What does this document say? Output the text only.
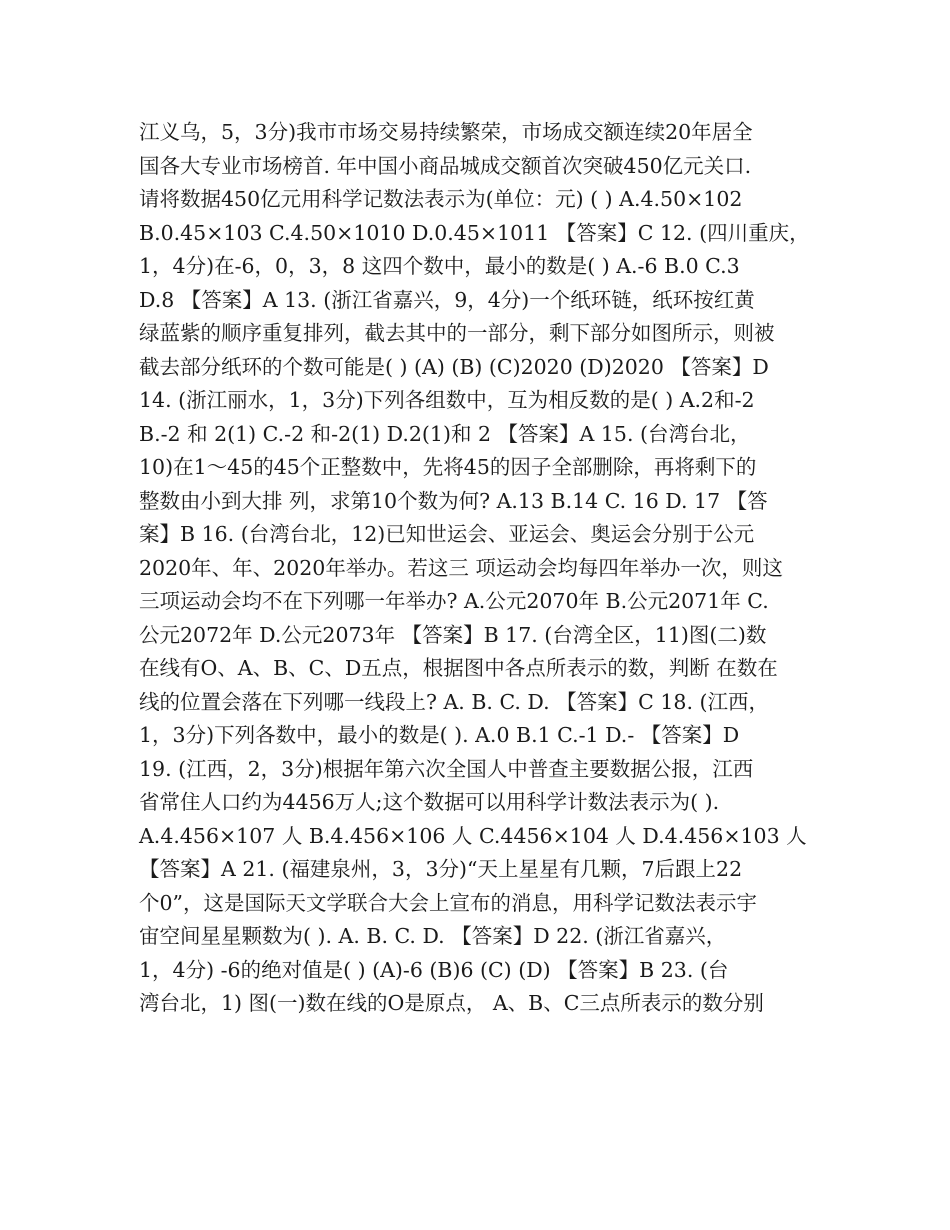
江义乌，5，3分)我市市场交易持续繁荣，市场成交额连续20年居全
国各大专业市场榜首. 年中国小商品城成交额首次突破450亿元关口.
请将数据450亿元用科学记数法表示为(单位：元) ( ) A.4.50×102
B.0.45×103 C.4.50×1010 D.0.45×1011 【答案】C 12. (四川重庆，
1，4分)在-6，0，3，8 这四个数中，最小的数是( ) A.-6 B.0 C.3
D.8 【答案】A 13. (浙江省嘉兴，9，4分)一个纸环链，纸环按红黄
绿蓝紫的顺序重复排列，截去其中的一部分，剩下部分如图所示，则被
截去部分纸环的个数可能是( ) (A) (B) (C)2020 (D)2020 【答案】D
14. (浙江丽水，1，3分)下列各组数中，互为相反数的是( ) A.2和-2
B.-2 和 2(1) C.-2 和-2(1) D.2(1)和 2 【答案】A 15. (台湾台北，
10)在1～45的45个正整数中，先将45的因子全部删除，再将剩下的
整数由小到大排 列，求第10个数为何? A.13 B.14 C. 16 D. 17 【答
案】B 16. (台湾台北，12)已知世运会、亚运会、奥运会分别于公元
2020年、年、2020年举办。若这三 项运动会均每四年举办一次，则这
三项运动会均不在下列哪一年举办? A.公元2070年 B.公元2071年 C.
公元2072年 D.公元2073年 【答案】B 17. (台湾全区，11)图(二)数
在线有O、A、B、C、D五点，根据图中各点所表示的数，判断 在数在
线的位置会落在下列哪一线段上? A. B. C. D. 【答案】C 18. (江西，
1，3分)下列各数中，最小的数是( ). A.0 B.1 C.-1 D.- 【答案】D
19. (江西，2，3分)根据年第六次全国人中普查主要数据公报，江西
省常住人口约为4456万人;这个数据可以用科学计数法表示为( ).
A.4.456×107 人 B.4.456×106 人 C.4456×104 人 D.4.456×103 人
【答案】A 21. (福建泉州，3，3分)“天上星星有几颗，7后跟上22
个0”，这是国际天文学联合大会上宣布的消息，用科学记数法表示宇
宙空间星星颗数为( ). A. B. C. D. 【答案】D 22. (浙江省嘉兴，
1，4分) -6的绝对值是( ) (A)-6 (B)6 (C) (D) 【答案】B 23. (台
湾台北，1) 图(一)数在线的O是原点， A、B、C三点所表示的数分别
